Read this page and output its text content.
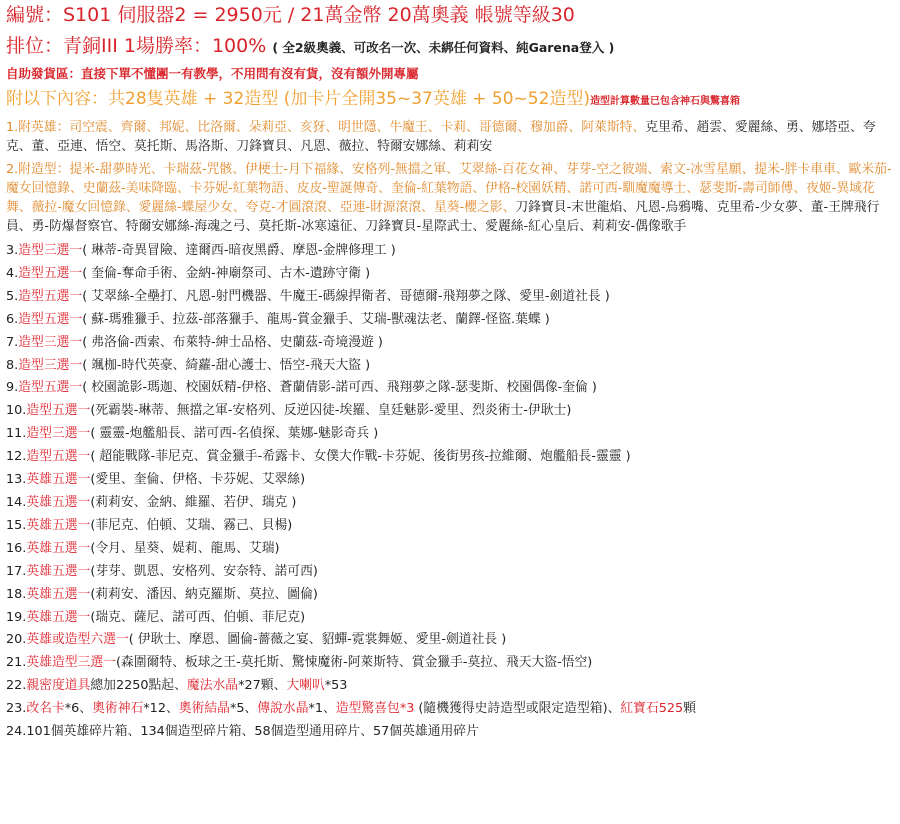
編號：S101 伺服器2 = 2950元 / 21萬金幣 20萬奧義 帳號等級30
排位：青銅III 1場勝率：100% ( 全2級奧義、可改名一次、未綁任何資料、純Garena登入 )
自助發貨區：直接下單不懂團一有教學，不用問有沒有貨，沒有額外開專屬
附以下內容：共28隻英雄 + 32造型 (加卡片全開35~37英雄 + 50~52造型)造型計算數量已包含神石與驚喜箱
1.附英雄：司空震、齊爾、邦妮、比洛爾、朵莉亞、亥犽、明世隱、牛魔王、卡莉、哥德爾、穆加爵、阿萊斯特、克里希、趙雲、愛麗絲、勇、娜塔亞、夸克、董、亞連、悟空、莫托斯、馬洛斯、刀鋒寶貝、凡恩、薇拉、特爾安娜絲、莉莉安
2.附造型：提米-甜夢時光、卡瑞茲-咒骸、伊梗士-月下福緣、安格列-無擋之軍、艾翠絲-百花女神、芽芽-空之彼端、索文-冰雪星願、提米-胖卡車車、歐米茄-魔女回憶錄、史蘭茲-美味降臨、卡芬妮-紅葉物語、皮皮-聖誕傳奇、奎倫-紅葉物語、伊格-校園妖精、諾可西-馴魔魔導士、瑟斐斯-壽司師傅、夜姬-異域花舞、薇拉-魔女回憶錄、愛麗絲-蝶屋少女、夸克-才圓滾滾、亞連-財源滾滾、星葵-櫻之影、刀鋒寶貝-末世龍焰、凡恩-烏鴉嘴、克里希-少女夢、董-王牌飛行員、勇-防爆督察官、特爾安娜絲-海魂之弓、莫托斯-冰寒遠征、刀鋒寶貝-星際武士、愛麗絲-紅心皇后、莉莉安-偶像歌手
3.造型三選一( 琳蒂-奇異冒險、達爾西-暗夜黑爵、摩恩-金牌修理工 )
4.造型五選一( 奎倫-奪命手術、金納-神廟祭司、古木-遺跡守衛 )
5.造型五選一( 艾翠絲-全壘打、凡恩-射門機器、牛魔王-碼線捍衛者、哥德爾-飛翔夢之隊、愛里-劍道社長 )
6.造型五選一( 蘇-瑪雅獵手、拉茲-部落獵手、龍馬-賞金獵手、艾瑞-獸魂法老、蘭鐸-怪盜.葉蝶 )
7.造型三選一( 弗洛倫-西索、布萊特-紳士品格、史蘭茲-奇境漫遊 )
8.造型三選一( 颯枷-時代英豪、綺蘿-甜心護士、悟空-飛天大盜 )
9.造型五選一( 校園詭影-瑪迦、校園妖精-伊格、蒼蘭倩影-諾可西、飛翔夢之隊-瑟斐斯、校園偶像-奎倫 )
10.造型五選一(死霸裝-琳蒂、無擋之軍-安格列、反逆囚徒-埃羅、皇廷魅影-愛里、烈炎術士-伊耿士)
11.造型三選一( 靈靈-炮艦船長、諾可西-名偵探、葉娜-魅影奇兵 )
12.造型五選一( 超能戰隊-菲尼克、賞金獵手-希露卡、女僕大作戰-卡芬妮、後街男孩-拉維爾、炮艦船長-靈靈 )
13.英雄五選一(愛里、奎倫、伊格、卡芬妮、艾翠絲)
14.英雄五選一(莉莉安、金納、維羅、若伊、瑞克 )
15.英雄五選一(菲尼克、伯頓、艾瑞、霧己、貝楊)
16.英雄五選一(令月、星葵、媞莉、龍馬、艾瑞)
17.英雄五選一(芽芽、凱恩、安格列、安奈特、諾可西)
18.英雄五選一(莉莉安、潘因、納克羅斯、莫拉、圖倫)
19.英雄五選一(瑞克、薩尼、諾可西、伯頓、菲尼克)
20.英雄或造型六選一( 伊耿士、摩恩、圖倫-薔薇之宴、貂蟬-霓裳舞姬、愛里-劍道社長 )
21.英雄造型三選一(森圍爾特、板球之王-莫托斯、驚悚魔術-阿萊斯特、賞金獵手-莫拉、飛天大盜-悟空)
22.親密度道具總加2250點起、魔法水晶*27顆、大喇叭*53
23.改名卡*6、奧術神石*12、奧術結晶*5、傳說水晶*1、造型驚喜包*3 (隨機獲得史詩造型或限定造型箱)、紅寶石525顆
24.101個英雄碎片箱、134個造型碎片箱、58個造型通用碎片、57個英雄通用碎片
